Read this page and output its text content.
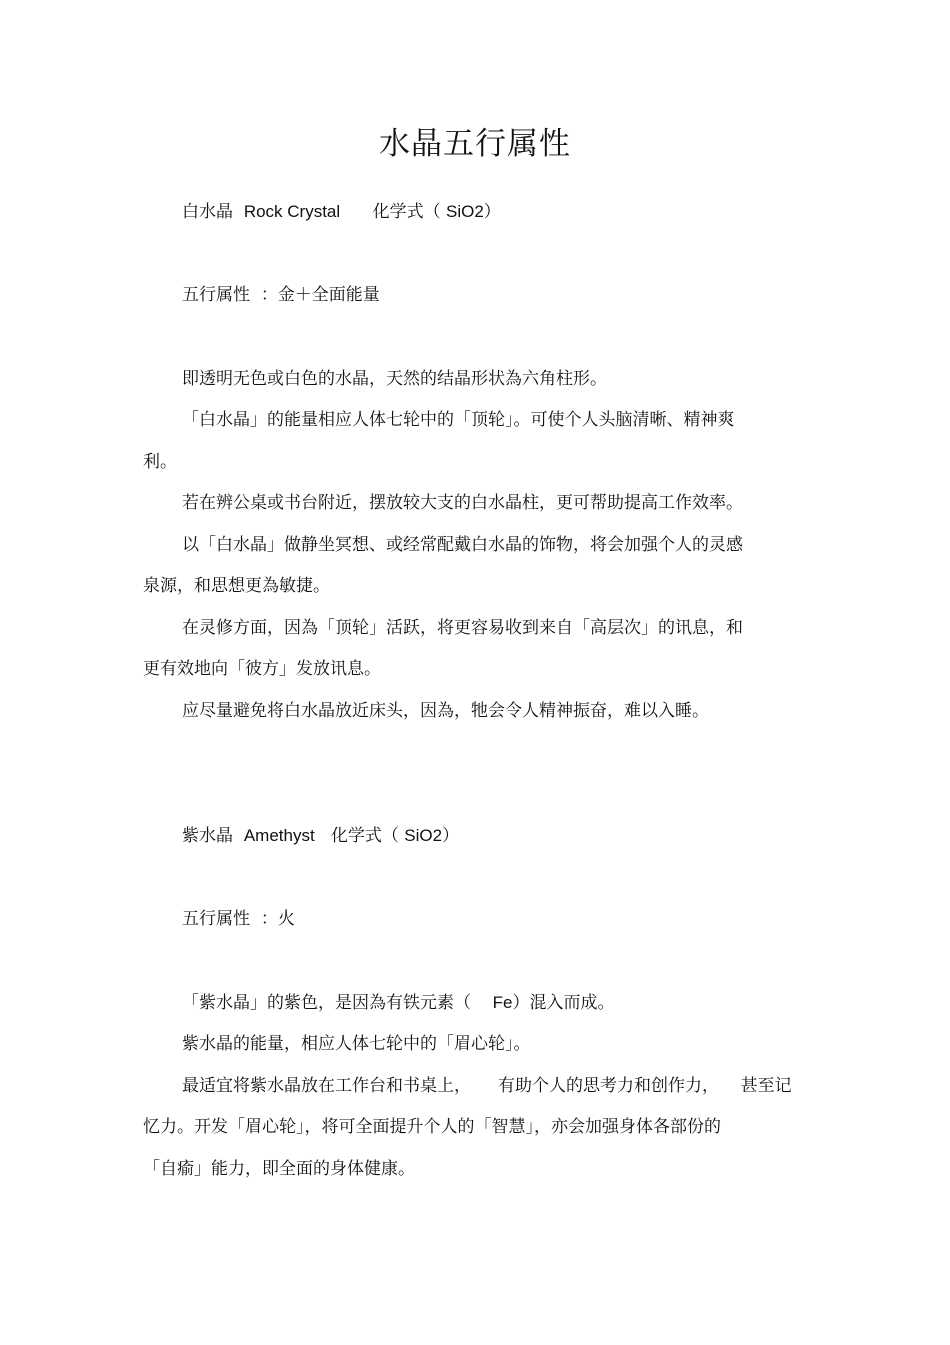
水晶五行属性
白水晶 Rock Crystal 化学式（ SiO2）
五行属性 ：金＋全面能量
即透明无色或白色的水晶，天然的结晶形状為六角柱形。
「白水晶」的能量相应人体七轮中的「顶轮」。可使个人头脑清晰、精神爽
利。
若在辨公桌或书台附近，摆放较大支的白水晶柱，更可帮助提高工作效率。
以「白水晶」做静坐冥想、或经常配戴白水晶的饰物，将会加强个人的灵感
泉源，和思想更為敏捷。
在灵修方面，因為「顶轮」活跃，将更容易收到来自「高层次」的讯息，和
更有效地向「彼方」发放讯息。
应尽量避免将白水晶放近床头，因為，牠会令人精神振奋，难以入睡。
紫水晶 Amethyst 化学式（ SiO2）
五行属性 ：火
「紫水晶」的紫色，是因為有铁元素（ Fe）混入而成。
紫水晶的能量，相应人体七轮中的「眉心轮」。
最适宜将紫水晶放在工作台和书桌上，     有助个人的思考力和创作力，    甚至记
忆力。开发「眉心轮」，将可全面提升个人的「智慧」，亦会加强身体各部份的
「自瘉」能力，即全面的身体健康。
